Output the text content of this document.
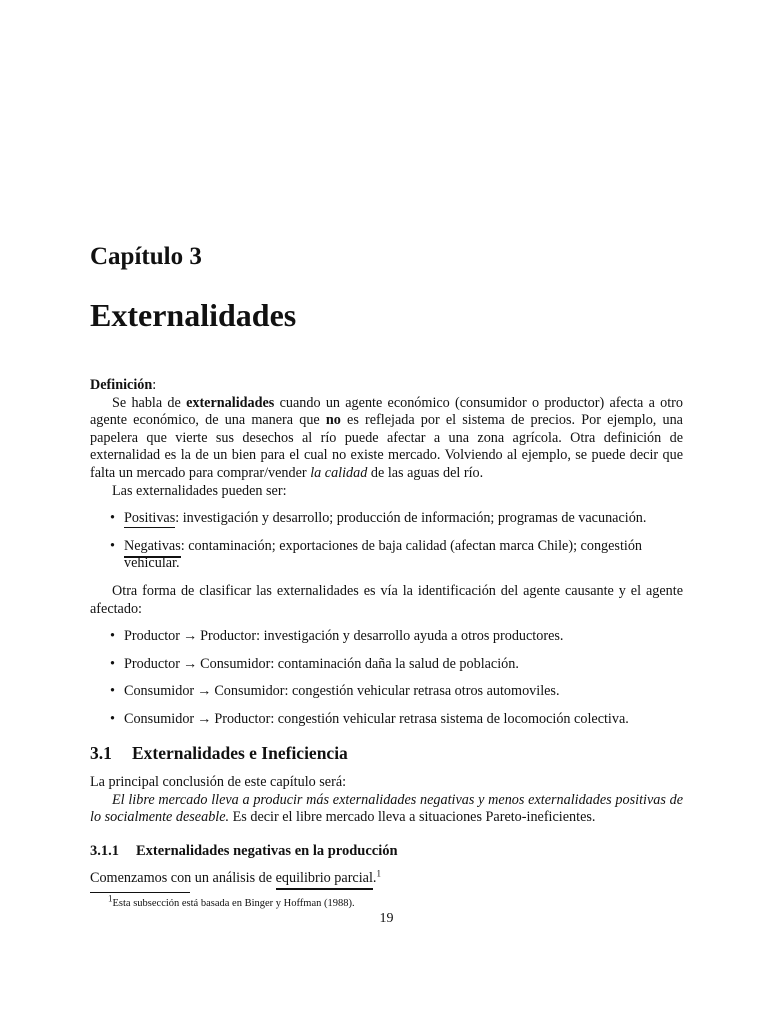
Capítulo 3
Externalidades

Definición:

Se habla de externalidades cuando un agente económico (consumidor o productor) afecta a otro agente económico, de una manera que no es reflejada por el sistema de precios. Por ejemplo, una papelera que vierte sus desechos al río puede afectar a una zona agrícola. Otra definición de externalidad es la de un bien para el cual no existe mercado. Volviendo al ejemplo, se puede decir que falta un mercado para comprar/vender la calidad de las aguas del río.

Las externalidades pueden ser:

• Positivas: investigación y desarrollo; producción de información; programas de vacunación.
• Negativas: contaminación; exportaciones de baja calidad (afectan marca Chile); congestión vehicular.

Otra forma de clasificar las externalidades es vía la identificación del agente causante y el agente afectado:

• Productor → Productor: investigación y desarrollo ayuda a otros productores.
• Productor → Consumidor: contaminación daña la salud de población.
• Consumidor → Consumidor: congestión vehicular retrasa otros automoviles.
• Consumidor → Productor: congestión vehicular retrasa sistema de locomoción colectiva.
3.1 Externalidades e Ineficiencia

La principal conclusión de este capítulo será:

El libre mercado lleva a producir más externalidades negativas y menos externalidades positivas de lo socialmente deseable. Es decir el libre mercado lleva a situaciones Pareto-ineficientes.

3.1.1 Externalidades negativas en la producción

Comenzamos con un análisis de equilibrio parcial.$^1$

$^1$Esta subsección está basada en Binger y Hoffman (1988).
19
